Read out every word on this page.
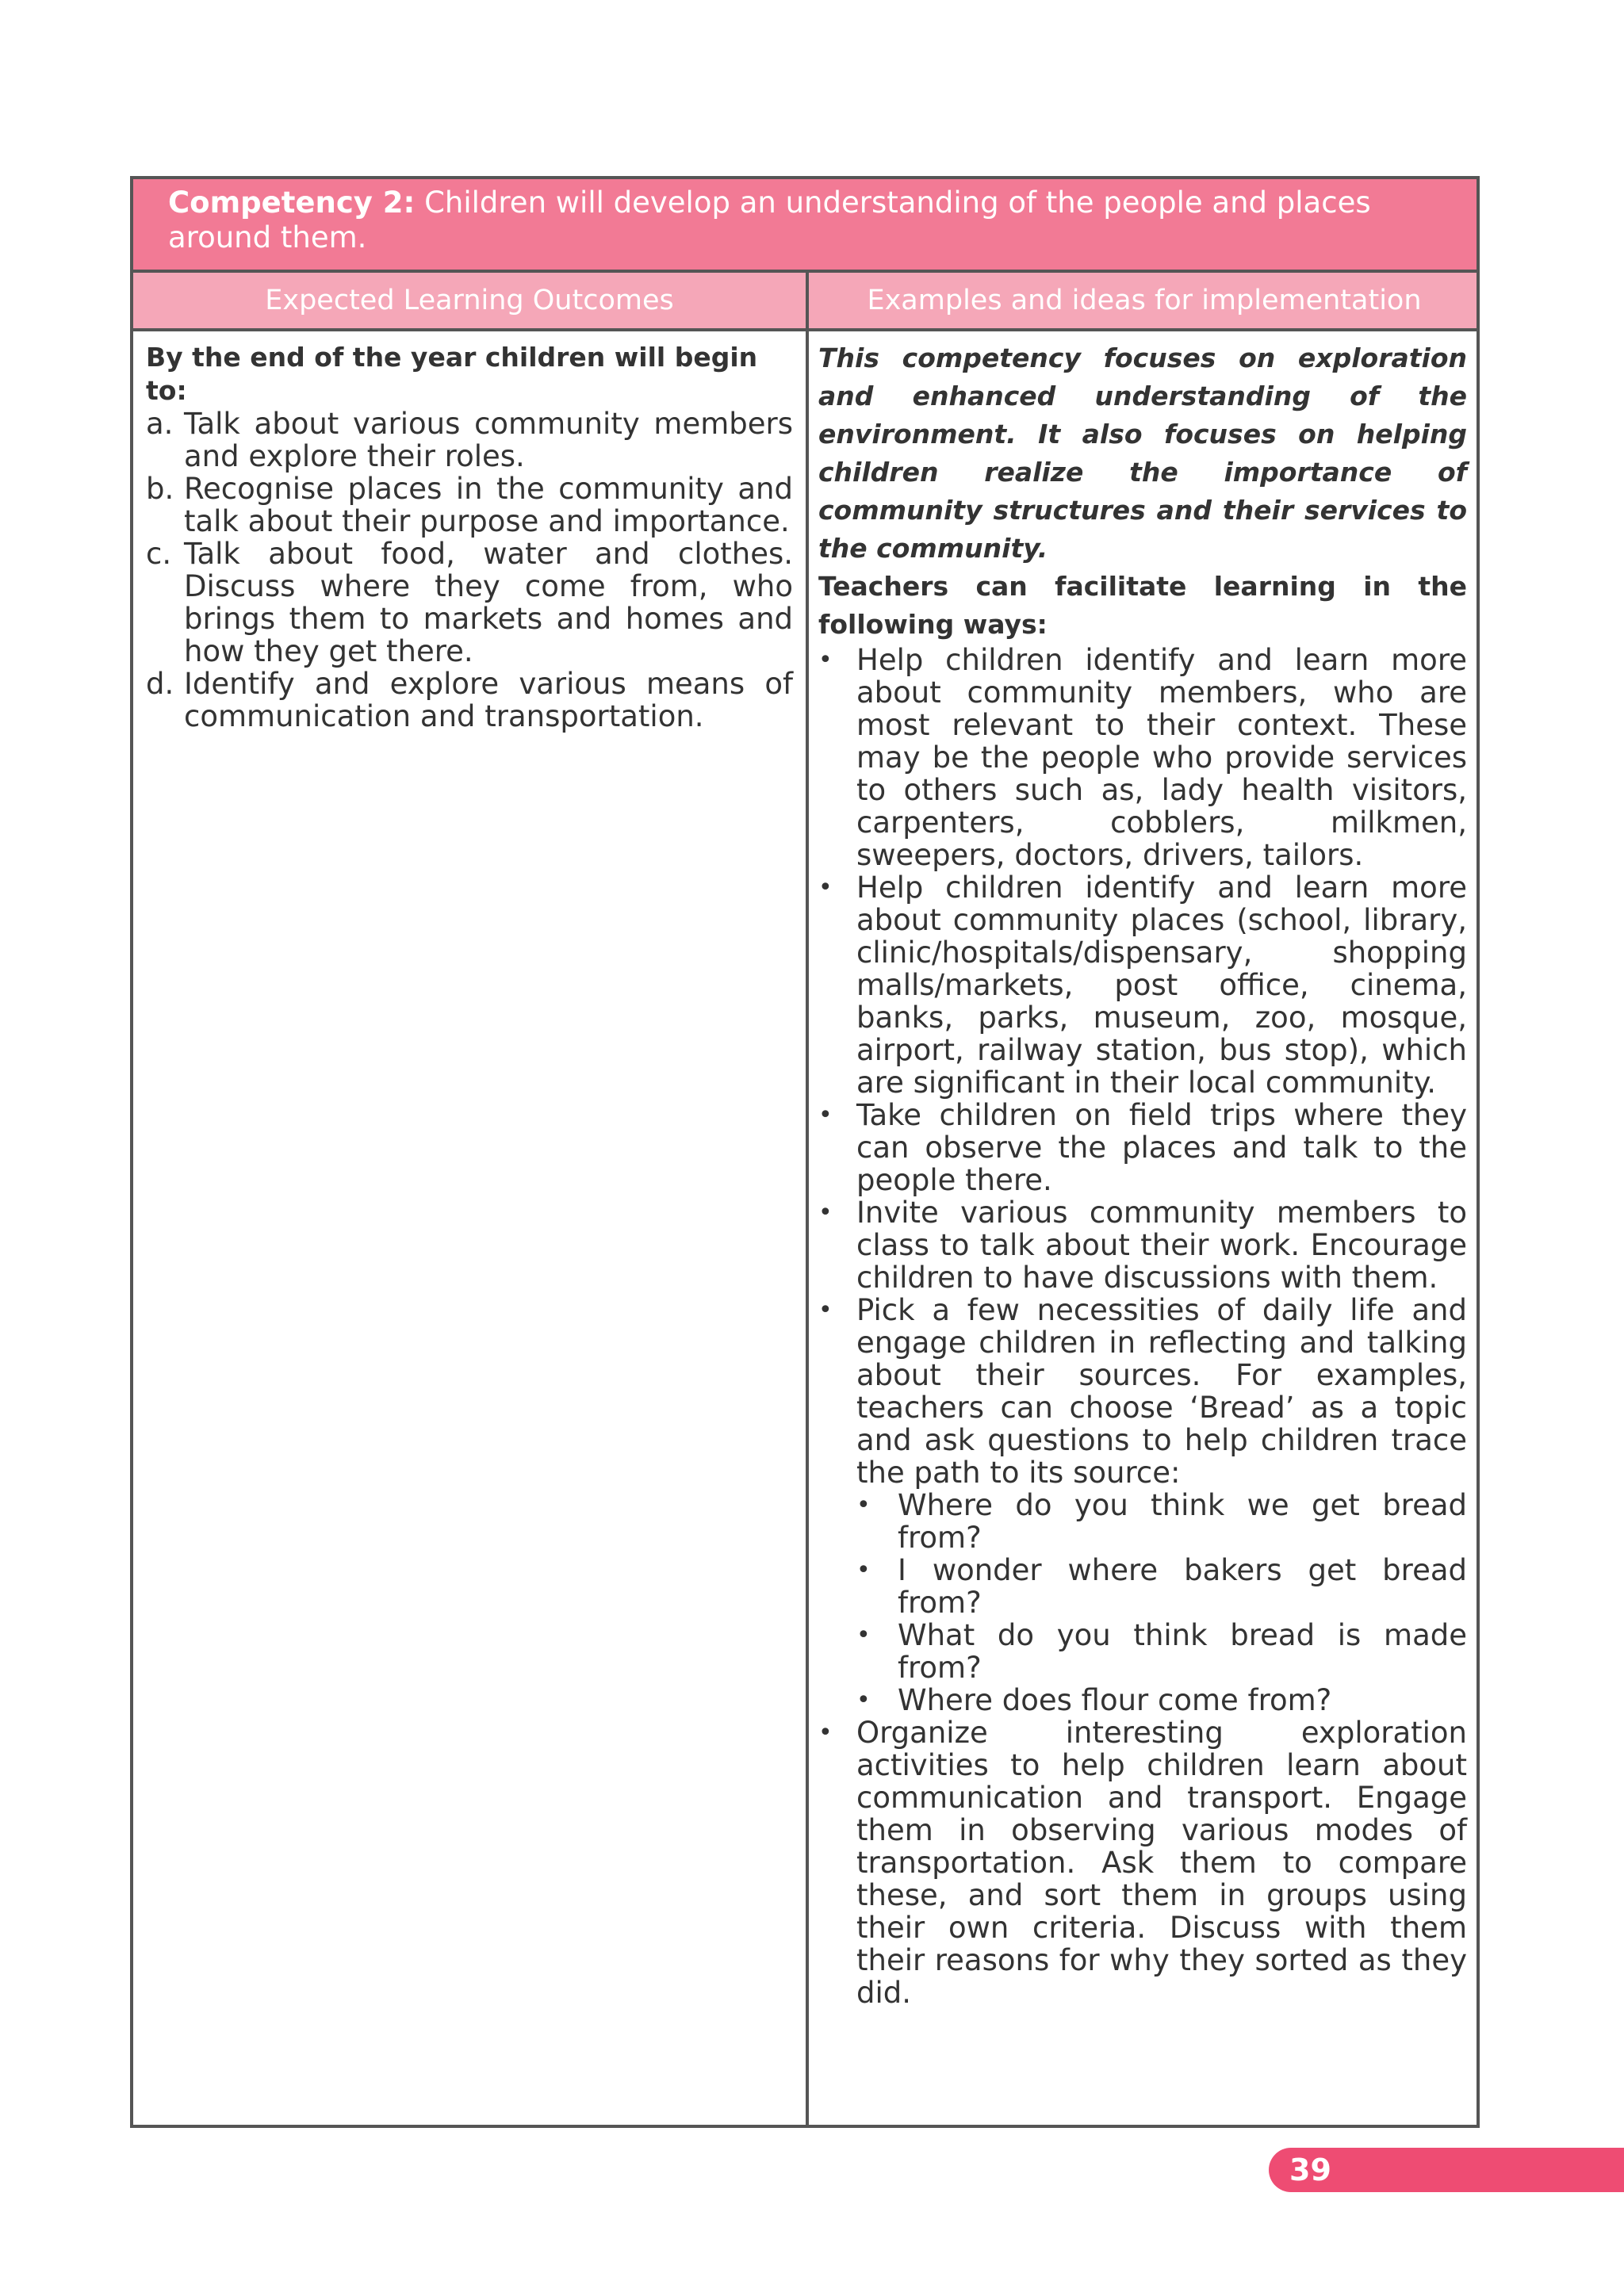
Competency 2: Children will develop an understanding of the people and places around them.
Expected Learning Outcomes	Examples and ideas for implementation

By the end of the year children will begin to:

a. Talk about various community members and explore their roles.
b. Recognise places in the community and talk about their purpose and importance.
c. Talk about food, water and clothes. Discuss where they come from, who brings them to markets and homes and how they get there.
d. Identify and explore various means of communication and transportation.

This competency focuses on exploration and enhanced understanding of the environment. It also focuses on helping children realize the importance of community structures and their services to the community.

Teachers can facilitate learning in the following ways:

• Help children identify and learn more about community members, who are most relevant to their context. These may be the people who provide services to others such as, lady health visitors, carpenters, cobblers, milkmen, sweepers, doctors, drivers, tailors.
• Help children identify and learn more about community places (school, library, clinic/hospitals/dispensary, shopping malls/markets, post office, cinema, banks, parks, museum, zoo, mosque, airport, railway station, bus stop), which are significant in their local community.
• Take children on field trips where they can observe the places and talk to the people there.
• Invite various community members to class to talk about their work. Encourage children to have discussions with them.
• Pick a few necessities of daily life and engage children in reflecting and talking about their sources. For examples, teachers can choose ‘Bread’ as a topic and ask questions to help children trace the path to its source:
• Where do you think we get bread from?
• I wonder where bakers get bread from?
• What do you think bread is made from?
• Where does flour come from?
• Organize interesting exploration activities to help children learn about communication and transport. Engage them in observing various modes of transportation. Ask them to compare these, and sort them in groups using their own criteria. Discuss with them their reasons for why they sorted as they did.
39
